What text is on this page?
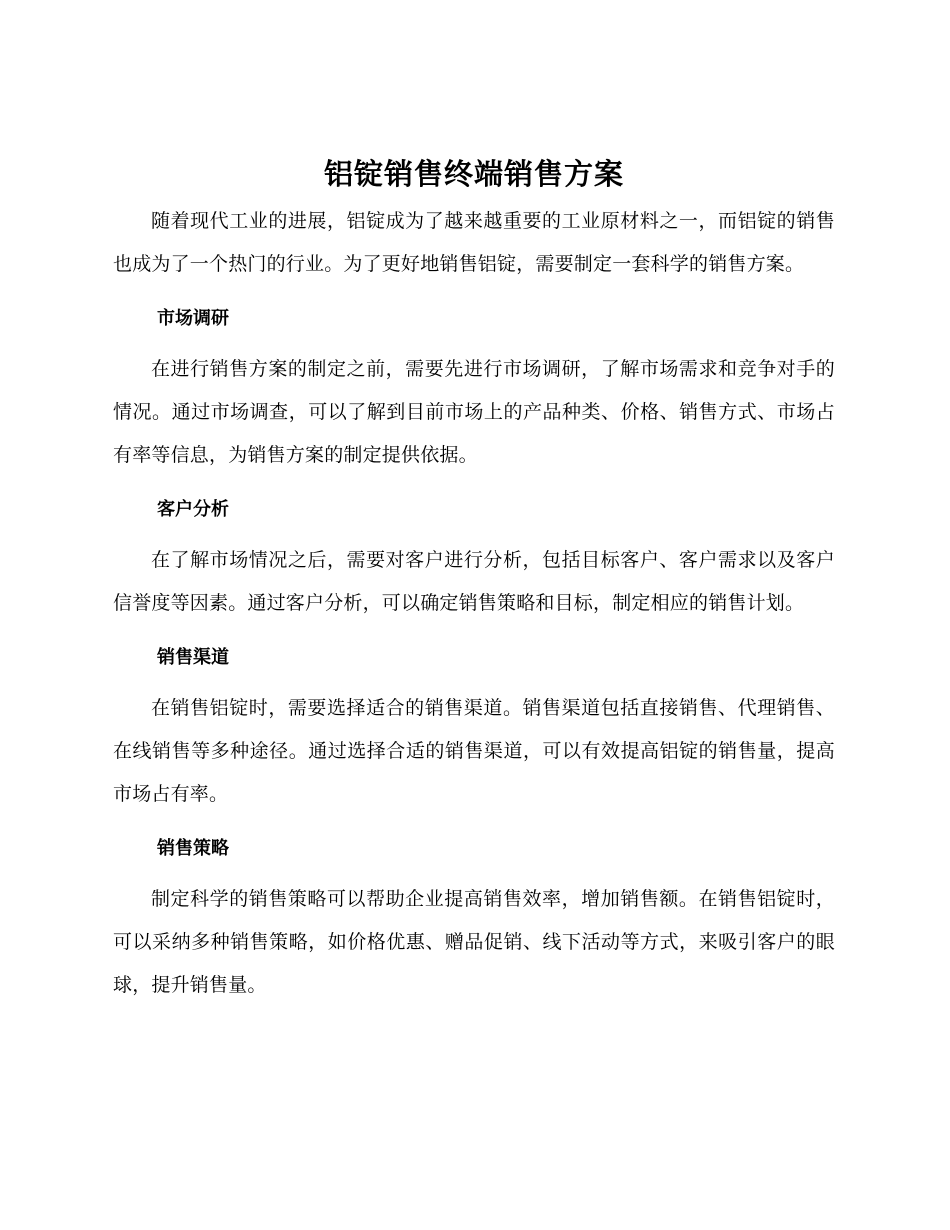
铝锭销售终端销售方案

随着现代工业的进展，铝锭成为了越来越重要的工业原材料之一，而铝锭的销售也成为了一个热门的行业。为了更好地销售铝锭，需要制定一套科学的销售方案。

市场调研

在进行销售方案的制定之前，需要先进行市场调研，了解市场需求和竞争对手的情况。通过市场调查，可以了解到目前市场上的产品种类、价格、销售方式、市场占有率等信息，为销售方案的制定提供依据。

客户分析

在了解市场情况之后，需要对客户进行分析，包括目标客户、客户需求以及客户信誉度等因素。通过客户分析，可以确定销售策略和目标，制定相应的销售计划。

销售渠道

在销售铝锭时，需要选择适合的销售渠道。销售渠道包括直接销售、代理销售、在线销售等多种途径。通过选择合适的销售渠道，可以有效提高铝锭的销售量，提高市场占有率。

销售策略

制定科学的销售策略可以帮助企业提高销售效率，增加销售额。在销售铝锭时，可以采纳多种销售策略，如价格优惠、赠品促销、线下活动等方式，来吸引客户的眼球，提升销售量。
